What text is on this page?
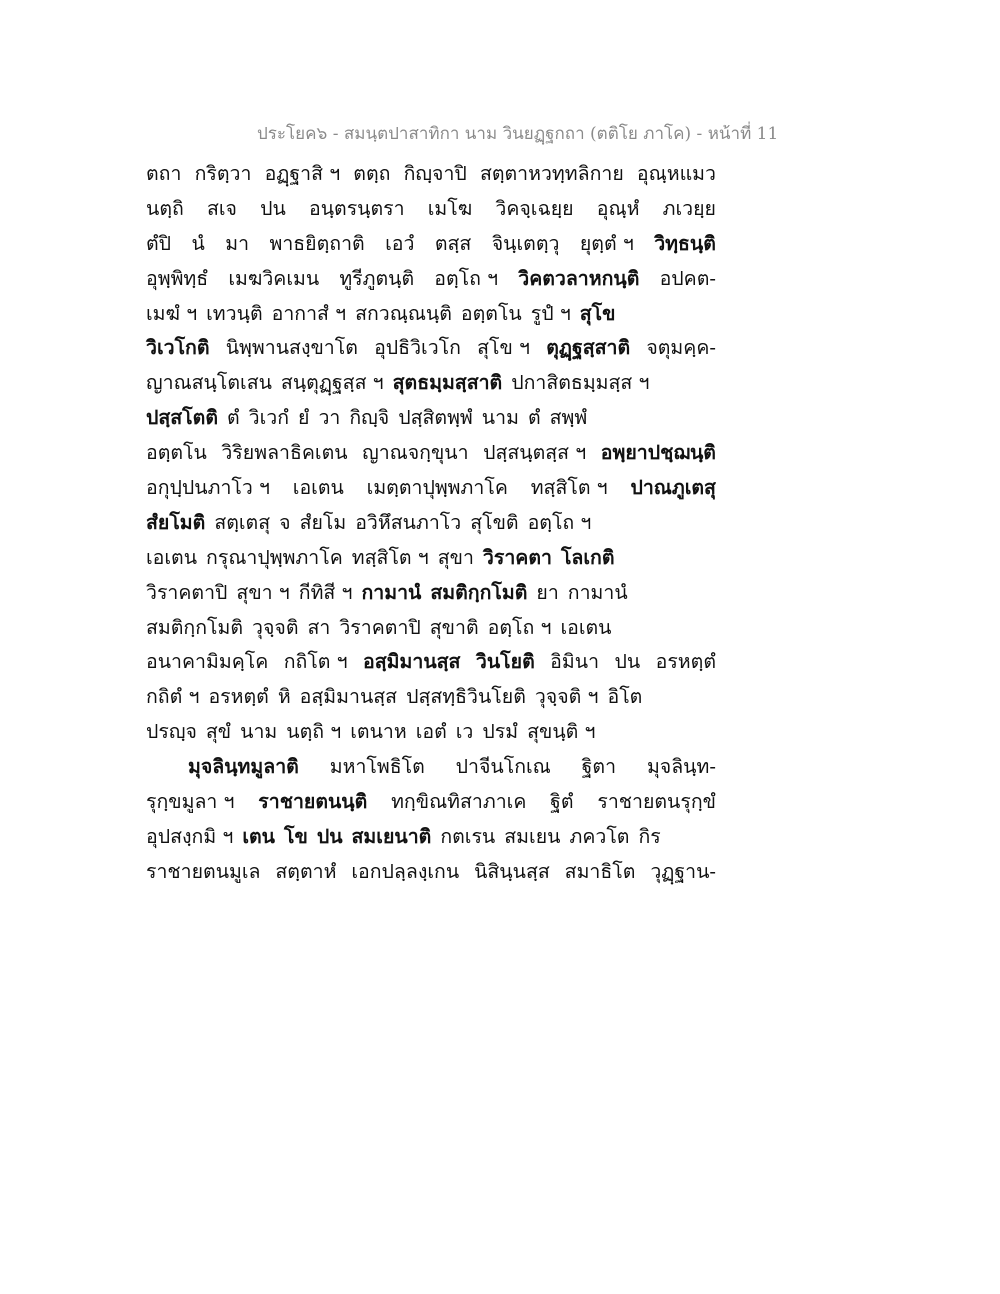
ประโยค๖ - สมนฺตปาสาทิกา นาม วินยฏฺฐกถา (ตติโย ภาโค) - หน้าที่ 11
ตถา กริตฺวา อฏฺฐาสิ ฯ ตตฺถ กิญฺจาปิ สตฺตาหวทฺทลิกาย อุณฺหแมว
นตฺถิ สเจ ปน อนฺตรนฺตรา เมโฆ วิคจฺเฉยฺย อุณฺหํ ภเวยฺย
ตํปิ นํ มา พาธยิตฺถาติ เอวํ ตสฺส จินฺเตตฺวุ ยุตฺตํ ฯ วิทฺธนฺติ
อุพฺพิทฺธํ เมฆวิคเมน ทูรีภูตนฺติ อตฺโถ ฯ วิคตวลาหกนฺติ อปคต-
เมฆํ ฯ เทวนฺติ อากาสํ ฯ สกวณฺณนฺติ อตฺตโน รูปํ ฯ สุโข
วิเวโกติ นิพฺพานสงฺขาโต อุปธิวิเวโก สุโข ฯ ตุฏฺฐสฺสาติ จตุมคฺค-
ญาณสนฺโตเสน สนฺตุฏฺฐสฺส ฯ สุตธมฺมสฺสาติ ปกาสิตธมฺมสฺส ฯ
ปสฺสโตติ ตํ วิเวกํ ยํ วา กิญฺจิ ปสฺสิตพฺพํ นาม ตํ สพฺพํ
อตฺตโน วิริยพลาธิคเตน ญาณจกฺขุนา ปสฺสนฺตสฺส ฯ อพฺยาปชฺฌนฺติ
อกุปฺปนภาโว ฯ เอเตน เมตฺตาปุพฺพภาโค ทสฺสิโต ฯ ปาณภูเตสุ
สํยโมติ สตฺเตสุ จ สํยโม อวิหึสนภาโว สุโขติ อตฺโถ ฯ
เอเตน กรุณาปุพฺพภาโค ทสฺสิโต ฯ สุขา วิราคตา โลเกติ
วิราคตาปิ สุขา ฯ กีทิสี ฯ กามานํ สมติกฺกโมติ ยา กามานํ
สมติกฺกโมติ วุจฺจติ สา วิราคตาปิ สุขาติ อตฺโถ ฯ เอเตน
อนาคามิมคฺโค กถิโต ฯ อสฺมิมานสฺส วินโยติ อิมินา ปน อรหตฺตํ
กถิตํ ฯ อรหตฺตํ หิ อสฺมิมานสฺส ปสฺสทฺธิวินโยติ วุจฺจติ ฯ อิโต
ปรญฺจ สุขํ นาม นตฺถิ ฯ เตนาห เอตํ เว ปรมํ สุขนฺติ ฯ
มุจลินฺทมูลาติ มหาโพธิโต ปาจีนโกเณ ฐิตา มุจลินฺท-
รุกฺขมูลา ฯ ราชายตนนฺติ ทกฺขิณทิสาภาเค ฐิตํ ราชายตนรุกฺขํ
อุปสงฺกมิ ฯ เตน โข ปน สมเยนาติ กตเรน สมเยน ภควโต กิร
ราชายตนมูเล สตฺตาหํ เอกปลฺลงฺเกน นิสินฺนสฺส สมาธิโต วุฏฺฐาน-
